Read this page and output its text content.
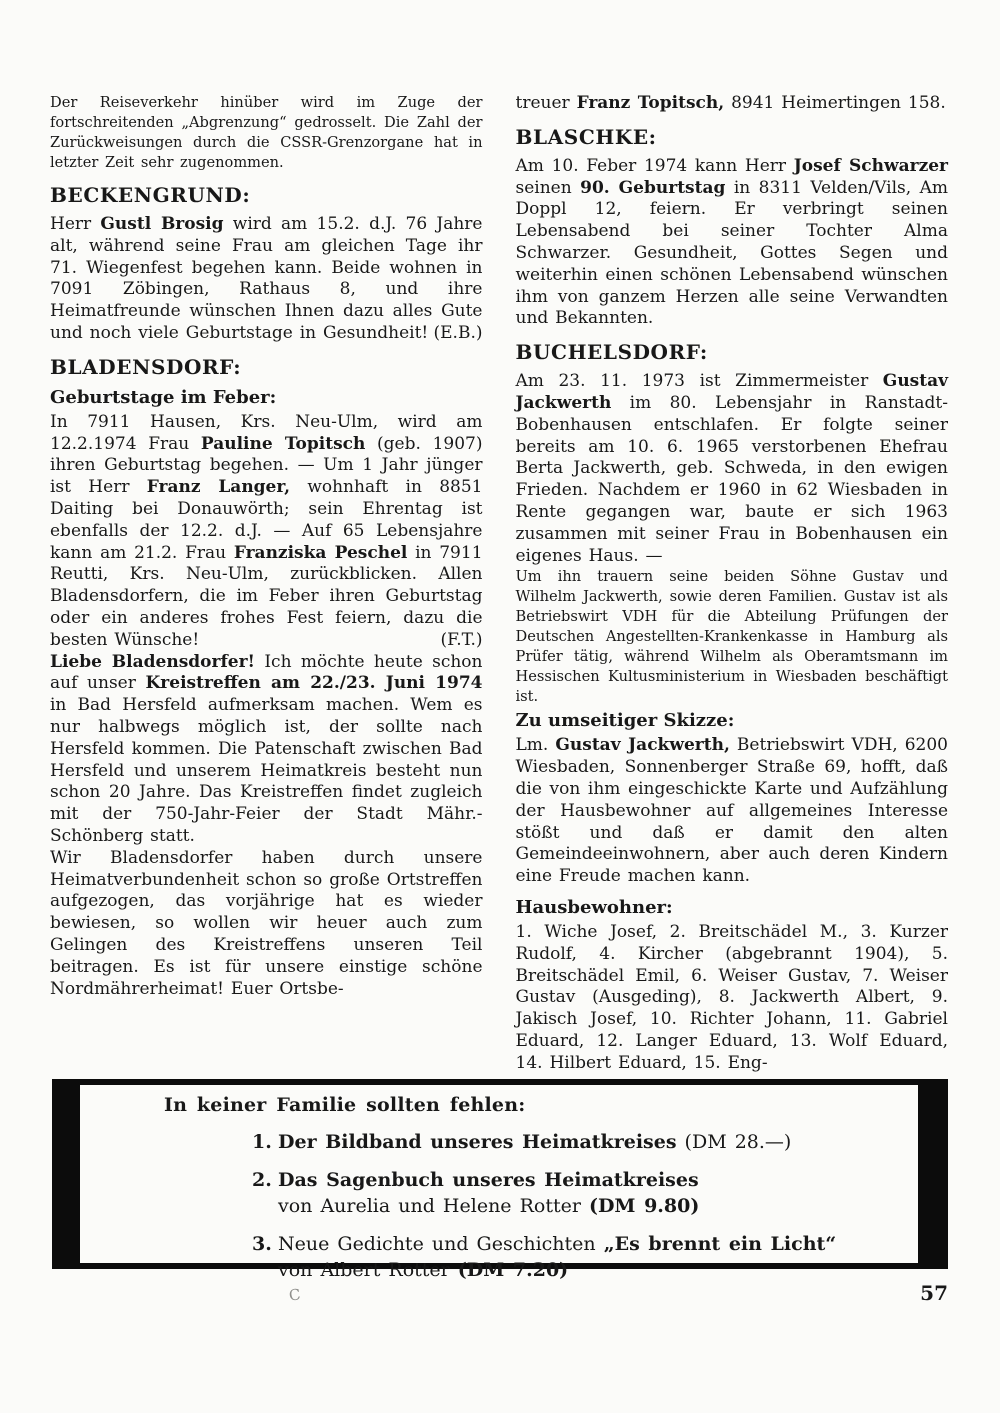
Der Reiseverkehr hinüber wird im Zuge der fortschreitenden „Abgrenzung“ gedrosselt. Die Zahl der Zurückweisungen durch die CSSR-Grenzorgane hat in letzter Zeit sehr zugenommen.

BECKENGRUND:

Herr Gustl Brosig wird am 15.2. d.J. 76 Jahre alt, während seine Frau am gleichen Tage ihr 71. Wiegenfest begehen kann. Beide wohnen in 7091 Zöbingen, Rathaus 8, und ihre Heimatfreunde wünschen Ihnen dazu alles Gute und noch viele Geburtstage in Gesundheit! (E.B.)

BLADENSDORF:
Geburtstage im Feber:

In 7911 Hausen, Krs. Neu-Ulm, wird am 12.2.1974 Frau Pauline Topitsch (geb. 1907) ihren Geburtstag begehen. — Um 1 Jahr jünger ist Herr Franz Langer, wohnhaft in 8851 Daiting bei Donauwörth; sein Ehrentag ist ebenfalls der 12.2. d.J. — Auf 65 Lebensjahre kann am 21.2. Frau Franziska Peschel in 7911 Reutti, Krs. Neu-Ulm, zurückblicken. Allen Bladensdorfern, die im Feber ihren Geburtstag oder ein anderes frohes Fest feiern, dazu die besten Wünsche!	(F.T.)

Liebe Bladensdorfer! Ich möchte heute schon auf unser Kreistreffen am 22./23. Juni 1974 in Bad Hersfeld aufmerksam machen. Wem es nur halbwegs möglich ist, der sollte nach Hersfeld kommen. Die Patenschaft zwischen Bad Hersfeld und unserem Heimatkreis besteht nun schon 20 Jahre. Das Kreistreffen findet zugleich mit der 750-Jahr-Feier der Stadt Mähr.-Schönberg statt.

Wir Bladensdorfer haben durch unsere Heimatverbundenheit schon so große Ortstreffen aufgezogen, das vorjährige hat es wieder bewiesen, so wollen wir heuer auch zum Gelingen des Kreistreffens unseren Teil beitragen. Es ist für unsere einstige schöne Nordmährerheimat! Euer Ortsbe-

treuer Franz Topitsch, 8941 Heimertingen 158.

BLASCHKE:

Am 10. Feber 1974 kann Herr Josef Schwarzer seinen 90. Geburtstag in 8311 Velden/Vils, Am Doppl 12, feiern. Er verbringt seinen Lebensabend bei seiner Tochter Alma Schwarzer. Gesundheit, Gottes Segen und weiterhin einen schönen Lebensabend wünschen ihm von ganzem Herzen alle seine Verwandten und Bekannten.

BUCHELSDORF:

Am 23. 11. 1973 ist Zimmermeister Gustav Jackwerth im 80. Lebensjahr in Ranstadt-Bobenhausen entschlafen. Er folgte seiner bereits am 10. 6. 1965 verstorbenen Ehefrau Berta Jackwerth, geb. Schweda, in den ewigen Frieden. Nachdem er 1960 in 62 Wiesbaden in Rente gegangen war, baute er sich 1963 zusammen mit seiner Frau in Bobenhausen ein eigenes Haus. —

Um ihn trauern seine beiden Söhne Gustav und Wilhelm Jackwerth, sowie deren Familien. Gustav ist als Betriebswirt VDH für die Abteilung Prüfungen der Deutschen Angestellten-Krankenkasse in Hamburg als Prüfer tätig, während Wilhelm als Oberamtsmann im Hessischen Kultusministerium in Wiesbaden beschäftigt ist.

Zu umseitiger Skizze:

Lm. Gustav Jackwerth, Betriebswirt VDH, 6200 Wiesbaden, Sonnenberger Straße 69, hofft, daß die von ihm eingeschickte Karte und Aufzählung der Hausbewohner auf allgemeines Interesse stößt und daß er damit den alten Gemeindeeinwohnern, aber auch deren Kindern eine Freude machen kann.

Hausbewohner:

1. Wiche Josef, 2. Breitschädel M., 3. Kurzer Rudolf, 4. Kircher (abgebrannt 1904), 5. Breitschädel Emil, 6. Weiser Gustav, 7. Weiser Gustav (Ausgeding), 8. Jackwerth Albert, 9. Jakisch Josef, 10. Richter Johann, 11. Gabriel Eduard, 12. Langer Eduard, 13. Wolf Eduard, 14. Hilbert Eduard, 15. Eng-

In keiner Familie sollten fehlen:
1. Der Bildband unseres Heimatkreises (DM 28.—)
2. Das Sagenbuch unseres Heimatkreises
von Aurelia und Helene Rotter (DM 9.80)
3. Neue Gedichte und Geschichten „Es brennt ein Licht“
von Albert Rotter (DM 7.20)
C	57
